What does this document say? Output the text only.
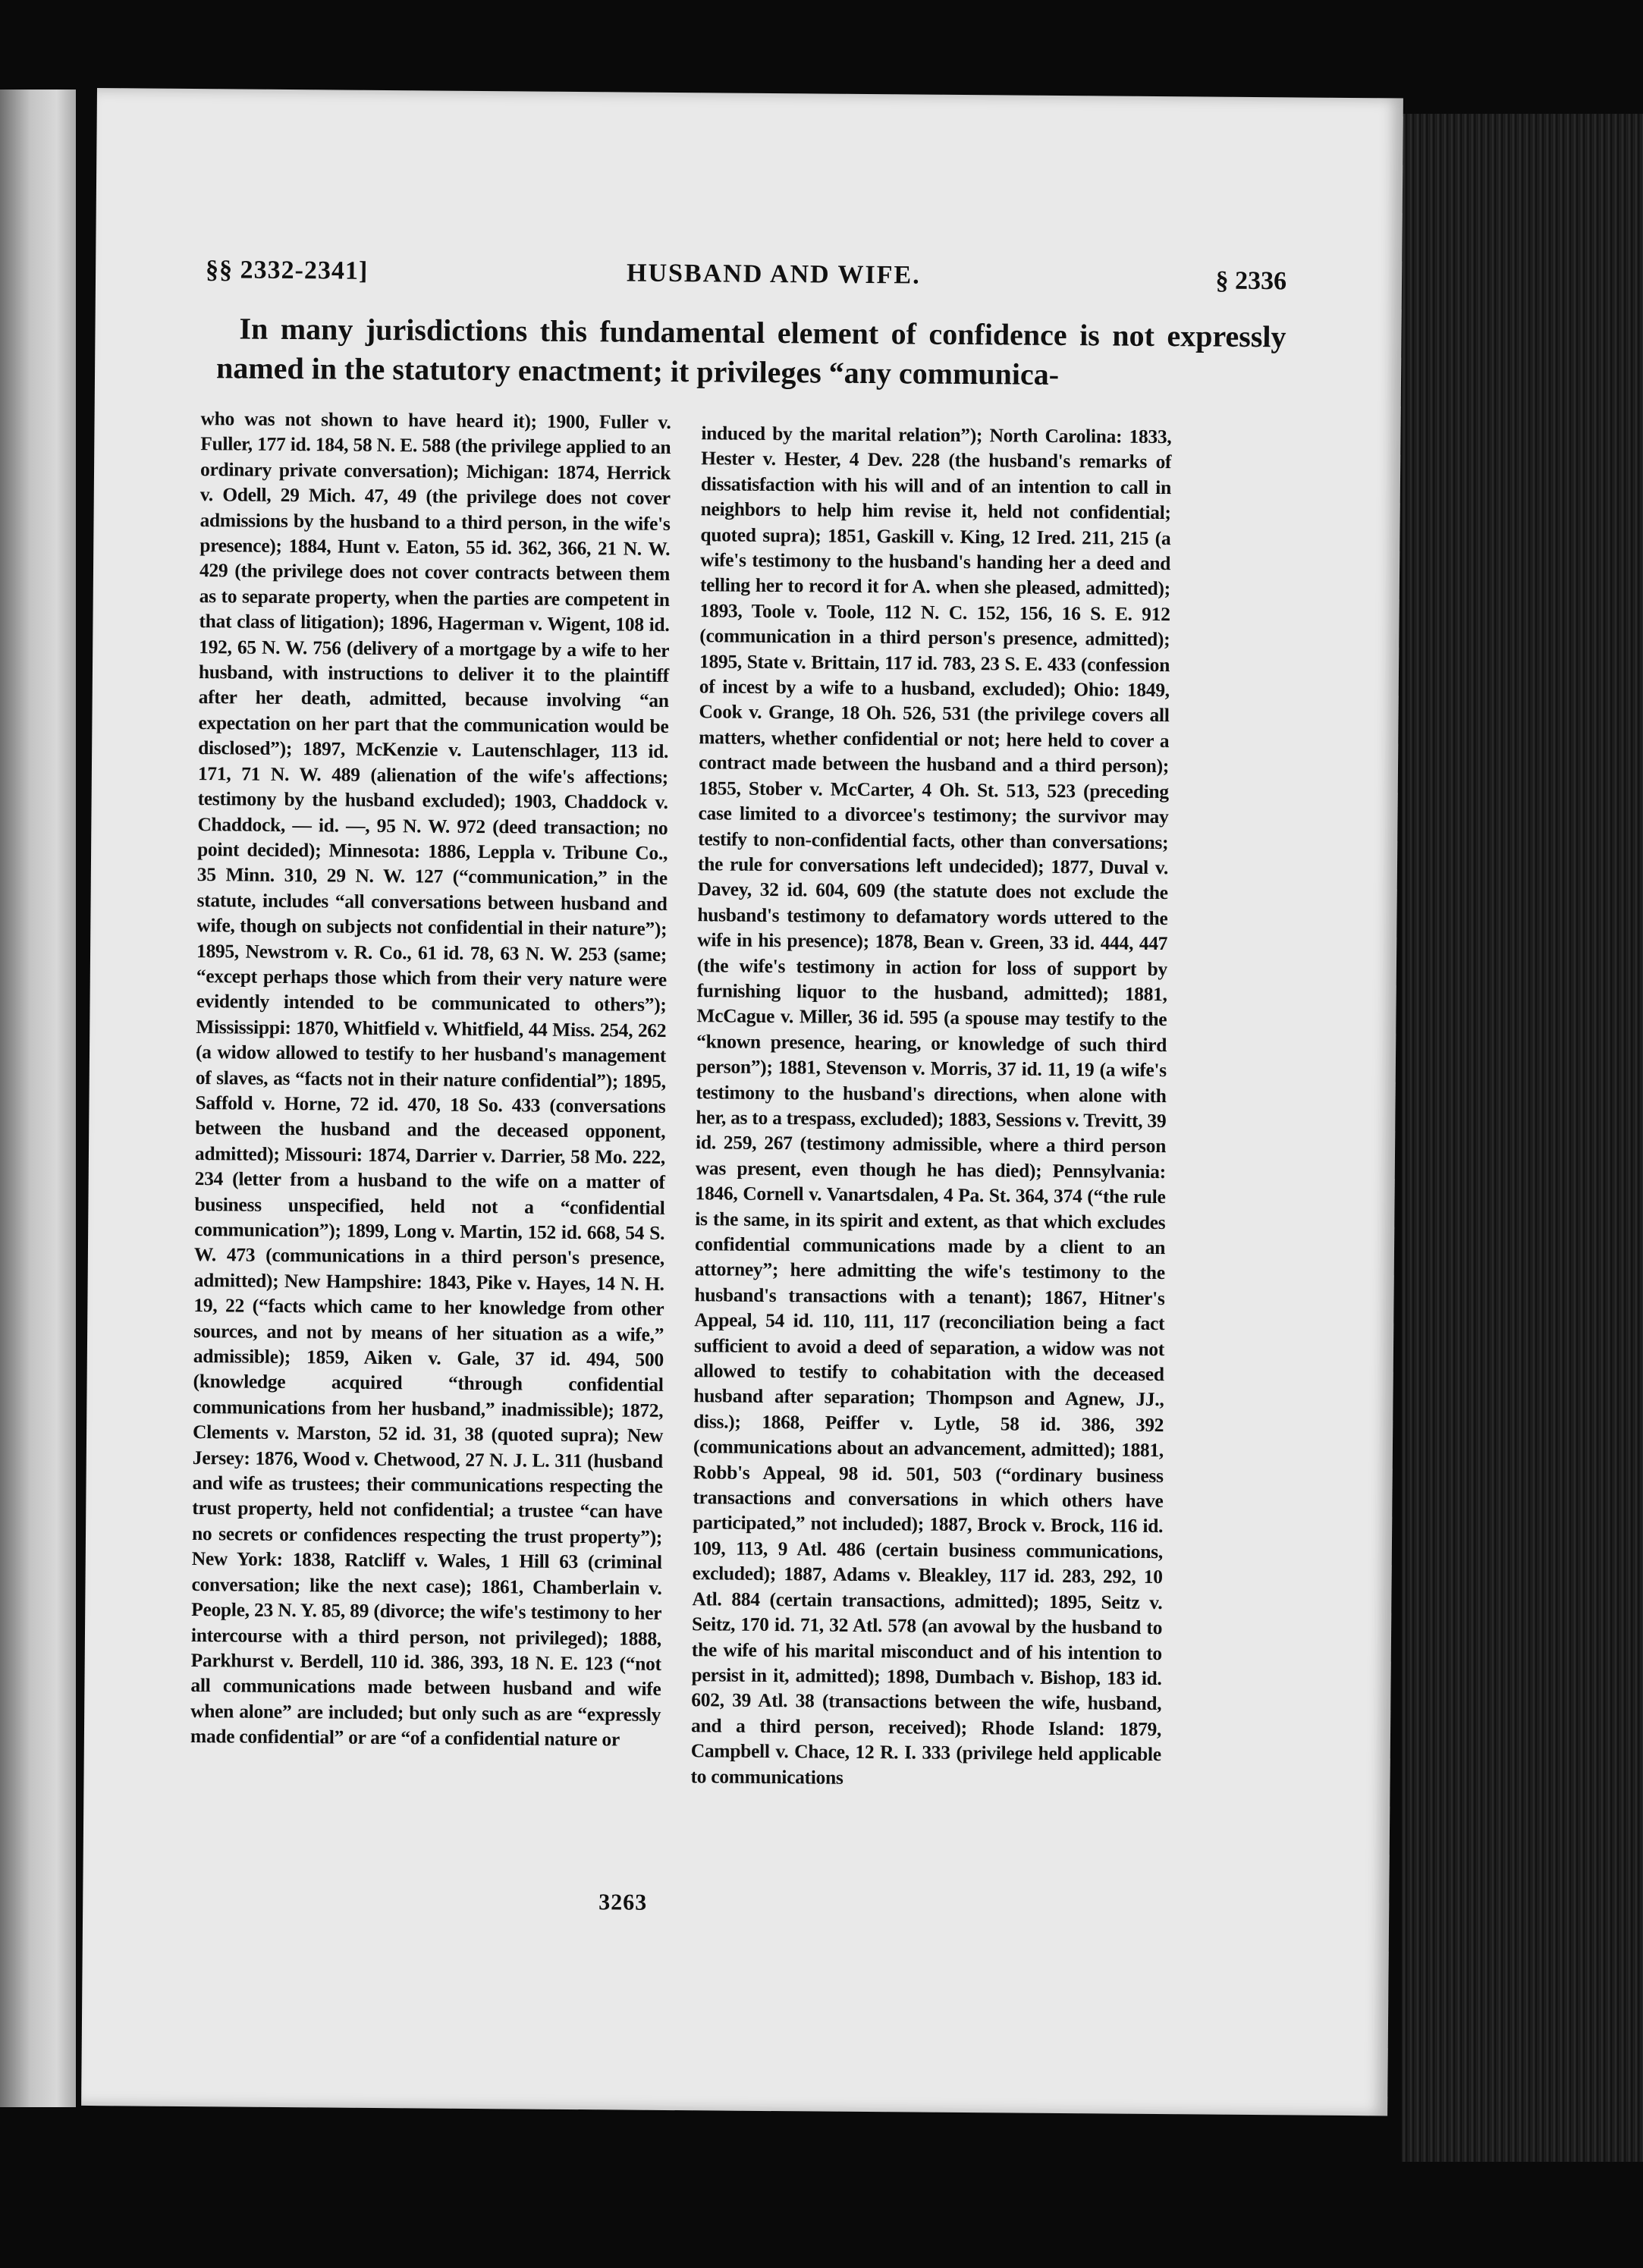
§§ 2332-2341]	HUSBAND AND WIFE.	§ 2336
In many jurisdictions this fundamental element of confidence is not expressly named in the statutory enactment; it privileges “any communica-

who was not shown to have heard it); 1900, Fuller v. Fuller, 177 id. 184, 58 N. E. 588 (the privilege applied to an ordinary private conversation); Michigan: 1874, Herrick v. Odell, 29 Mich. 47, 49 (the privilege does not cover admissions by the husband to a third person, in the wife's presence); 1884, Hunt v. Eaton, 55 id. 362, 366, 21 N. W. 429 (the privilege does not cover contracts between them as to separate property, when the parties are competent in that class of litigation); 1896, Hagerman v. Wigent, 108 id. 192, 65 N. W. 756 (delivery of a mortgage by a wife to her husband, with instructions to deliver it to the plaintiff after her death, admitted, because involving “an expectation on her part that the communication would be disclosed”); 1897, McKenzie v. Lautenschlager, 113 id. 171, 71 N. W. 489 (alienation of the wife's affections; testimony by the husband excluded); 1903, Chaddock v. Chaddock, — id. —, 95 N. W. 972 (deed transaction; no point decided); Minnesota: 1886, Leppla v. Tribune Co., 35 Minn. 310, 29 N. W. 127 (“communication,” in the statute, includes “all conversations between husband and wife, though on subjects not confidential in their nature”); 1895, Newstrom v. R. Co., 61 id. 78, 63 N. W. 253 (same; “except perhaps those which from their very nature were evidently intended to be communicated to others”); Mississippi: 1870, Whitfield v. Whitfield, 44 Miss. 254, 262 (a widow allowed to testify to her husband's management of slaves, as “facts not in their nature confidential”); 1895, Saffold v. Horne, 72 id. 470, 18 So. 433 (conversations between the husband and the deceased opponent, admitted); Missouri: 1874, Darrier v. Darrier, 58 Mo. 222, 234 (letter from a husband to the wife on a matter of business unspecified, held not a “confidential communication”); 1899, Long v. Martin, 152 id. 668, 54 S. W. 473 (communications in a third person's presence, admitted); New Hampshire: 1843, Pike v. Hayes, 14 N. H. 19, 22 (“facts which came to her knowledge from other sources, and not by means of her situation as a wife,” admissible); 1859, Aiken v. Gale, 37 id. 494, 500 (knowledge acquired “through confidential communications from her husband,” inadmissible); 1872, Clements v. Marston, 52 id. 31, 38 (quoted supra); New Jersey: 1876, Wood v. Chetwood, 27 N. J. L. 311 (husband and wife as trustees; their communications respecting the trust property, held not confidential; a trustee “can have no secrets or confidences respecting the trust property”); New York: 1838, Ratcliff v. Wales, 1 Hill 63 (criminal conversation; like the next case); 1861, Chamberlain v. People, 23 N. Y. 85, 89 (divorce; the wife's testimony to her intercourse with a third person, not privileged); 1888, Parkhurst v. Berdell, 110 id. 386, 393, 18 N. E. 123 (“not all communications made between husband and wife when alone” are included; but only such as are “expressly made confidential” or are “of a confidential nature or

induced by the marital relation”); North Carolina: 1833, Hester v. Hester, 4 Dev. 228 (the husband's remarks of dissatisfaction with his will and of an intention to call in neighbors to help him revise it, held not confidential; quoted supra); 1851, Gaskill v. King, 12 Ired. 211, 215 (a wife's testimony to the husband's handing her a deed and telling her to record it for A. when she pleased, admitted); 1893, Toole v. Toole, 112 N. C. 152, 156, 16 S. E. 912 (communication in a third person's presence, admitted); 1895, State v. Brittain, 117 id. 783, 23 S. E. 433 (confession of incest by a wife to a husband, excluded); Ohio: 1849, Cook v. Grange, 18 Oh. 526, 531 (the privilege covers all matters, whether confidential or not; here held to cover a contract made between the husband and a third person); 1855, Stober v. McCarter, 4 Oh. St. 513, 523 (preceding case limited to a divorcee's testimony; the survivor may testify to non-confidential facts, other than conversations; the rule for conversations left undecided); 1877, Duval v. Davey, 32 id. 604, 609 (the statute does not exclude the husband's testimony to defamatory words uttered to the wife in his presence); 1878, Bean v. Green, 33 id. 444, 447 (the wife's testimony in action for loss of support by furnishing liquor to the husband, admitted); 1881, McCague v. Miller, 36 id. 595 (a spouse may testify to the “known presence, hearing, or knowledge of such third person”); 1881, Stevenson v. Morris, 37 id. 11, 19 (a wife's testimony to the husband's directions, when alone with her, as to a trespass, excluded); 1883, Sessions v. Trevitt, 39 id. 259, 267 (testimony admissible, where a third person was present, even though he has died); Pennsylvania: 1846, Cornell v. Vanartsdalen, 4 Pa. St. 364, 374 (“the rule is the same, in its spirit and extent, as that which excludes confidential communications made by a client to an attorney”; here admitting the wife's testimony to the husband's transactions with a tenant); 1867, Hitner's Appeal, 54 id. 110, 111, 117 (reconciliation being a fact sufficient to avoid a deed of separation, a widow was not allowed to testify to cohabitation with the deceased husband after separation; Thompson and Agnew, JJ., diss.); 1868, Peiffer v. Lytle, 58 id. 386, 392 (communications about an advancement, admitted); 1881, Robb's Appeal, 98 id. 501, 503 (“ordinary business transactions and conversations in which others have participated,” not included); 1887, Brock v. Brock, 116 id. 109, 113, 9 Atl. 486 (certain business communications, excluded); 1887, Adams v. Bleakley, 117 id. 283, 292, 10 Atl. 884 (certain transactions, admitted); 1895, Seitz v. Seitz, 170 id. 71, 32 Atl. 578 (an avowal by the husband to the wife of his marital misconduct and of his intention to persist in it, admitted); 1898, Dumbach v. Bishop, 183 id. 602, 39 Atl. 38 (transactions between the wife, husband, and a third person, received); Rhode Island: 1879, Campbell v. Chace, 12 R. I. 333 (privilege held applicable to communications

3263
